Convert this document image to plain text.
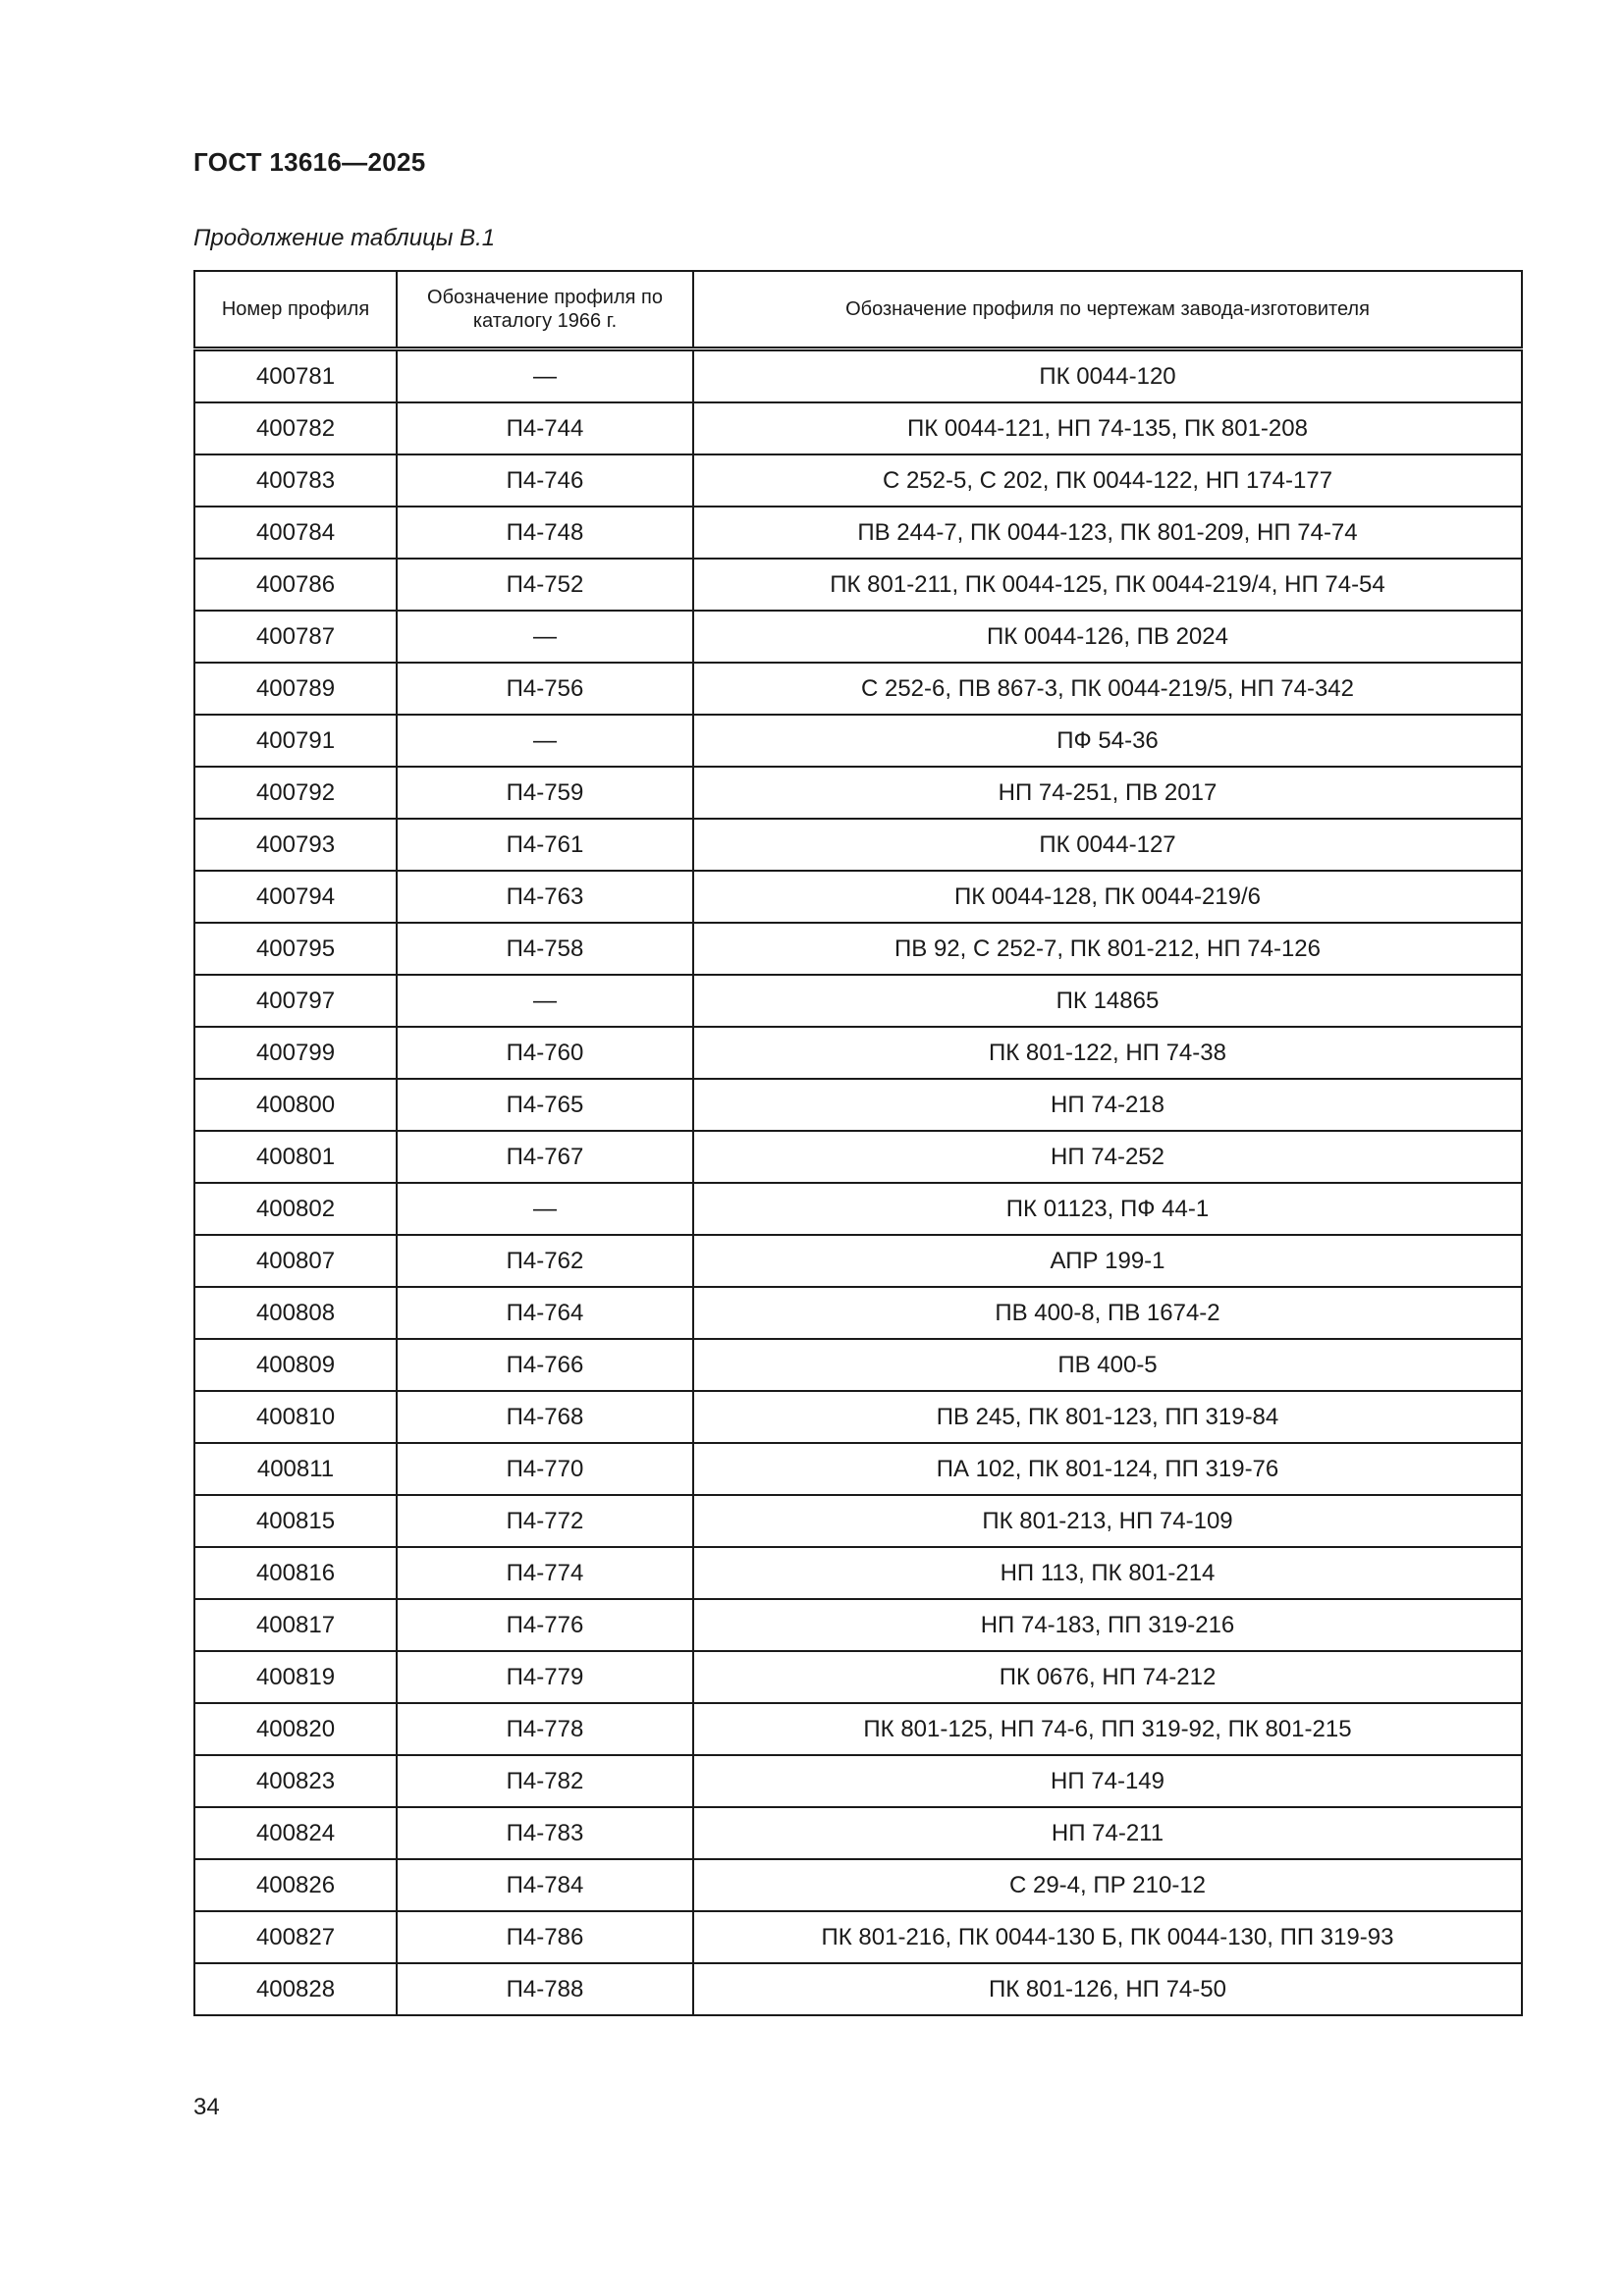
ГОСТ 13616—2025
Продолжение таблицы В.1
Номер профиля	Обозначение профиля по каталогу 1966 г.	Обозначение профиля по чертежам завода-изготовителя
400781	—	ПК 0044-120
400782	П4-744	ПК 0044-121, НП 74-135, ПК 801-208
400783	П4-746	С 252-5, С 202, ПК 0044-122, НП 174-177
400784	П4-748	ПВ 244-7, ПК 0044-123, ПК 801-209, НП 74-74
400786	П4-752	ПК 801-211, ПК 0044-125, ПК 0044-219/4, НП 74-54
400787	—	ПК 0044-126, ПВ 2024
400789	П4-756	С 252-6, ПВ 867-3, ПК 0044-219/5, НП 74-342
400791	—	ПФ 54-36
400792	П4-759	НП 74-251, ПВ 2017
400793	П4-761	ПК 0044-127
400794	П4-763	ПК 0044-128, ПК 0044-219/6
400795	П4-758	ПВ 92, С 252-7, ПК 801-212, НП 74-126
400797	—	ПК 14865
400799	П4-760	ПК 801-122, НП 74-38
400800	П4-765	НП 74-218
400801	П4-767	НП 74-252
400802	—	ПК 01123, ПФ 44-1
400807	П4-762	АПР 199-1
400808	П4-764	ПВ 400-8, ПВ 1674-2
400809	П4-766	ПВ 400-5
400810	П4-768	ПВ 245, ПК 801-123, ПП 319-84
400811	П4-770	ПА 102, ПК 801-124, ПП 319-76
400815	П4-772	ПК 801-213, НП 74-109
400816	П4-774	НП 113, ПК 801-214
400817	П4-776	НП 74-183, ПП 319-216
400819	П4-779	ПК 0676, НП 74-212
400820	П4-778	ПК 801-125, НП 74-6, ПП 319-92, ПК 801-215
400823	П4-782	НП 74-149
400824	П4-783	НП 74-211
400826	П4-784	С 29-4, ПР 210-12
400827	П4-786	ПК 801-216, ПК 0044-130 Б, ПК 0044-130, ПП 319-93
400828	П4-788	ПК 801-126, НП 74-50
34
